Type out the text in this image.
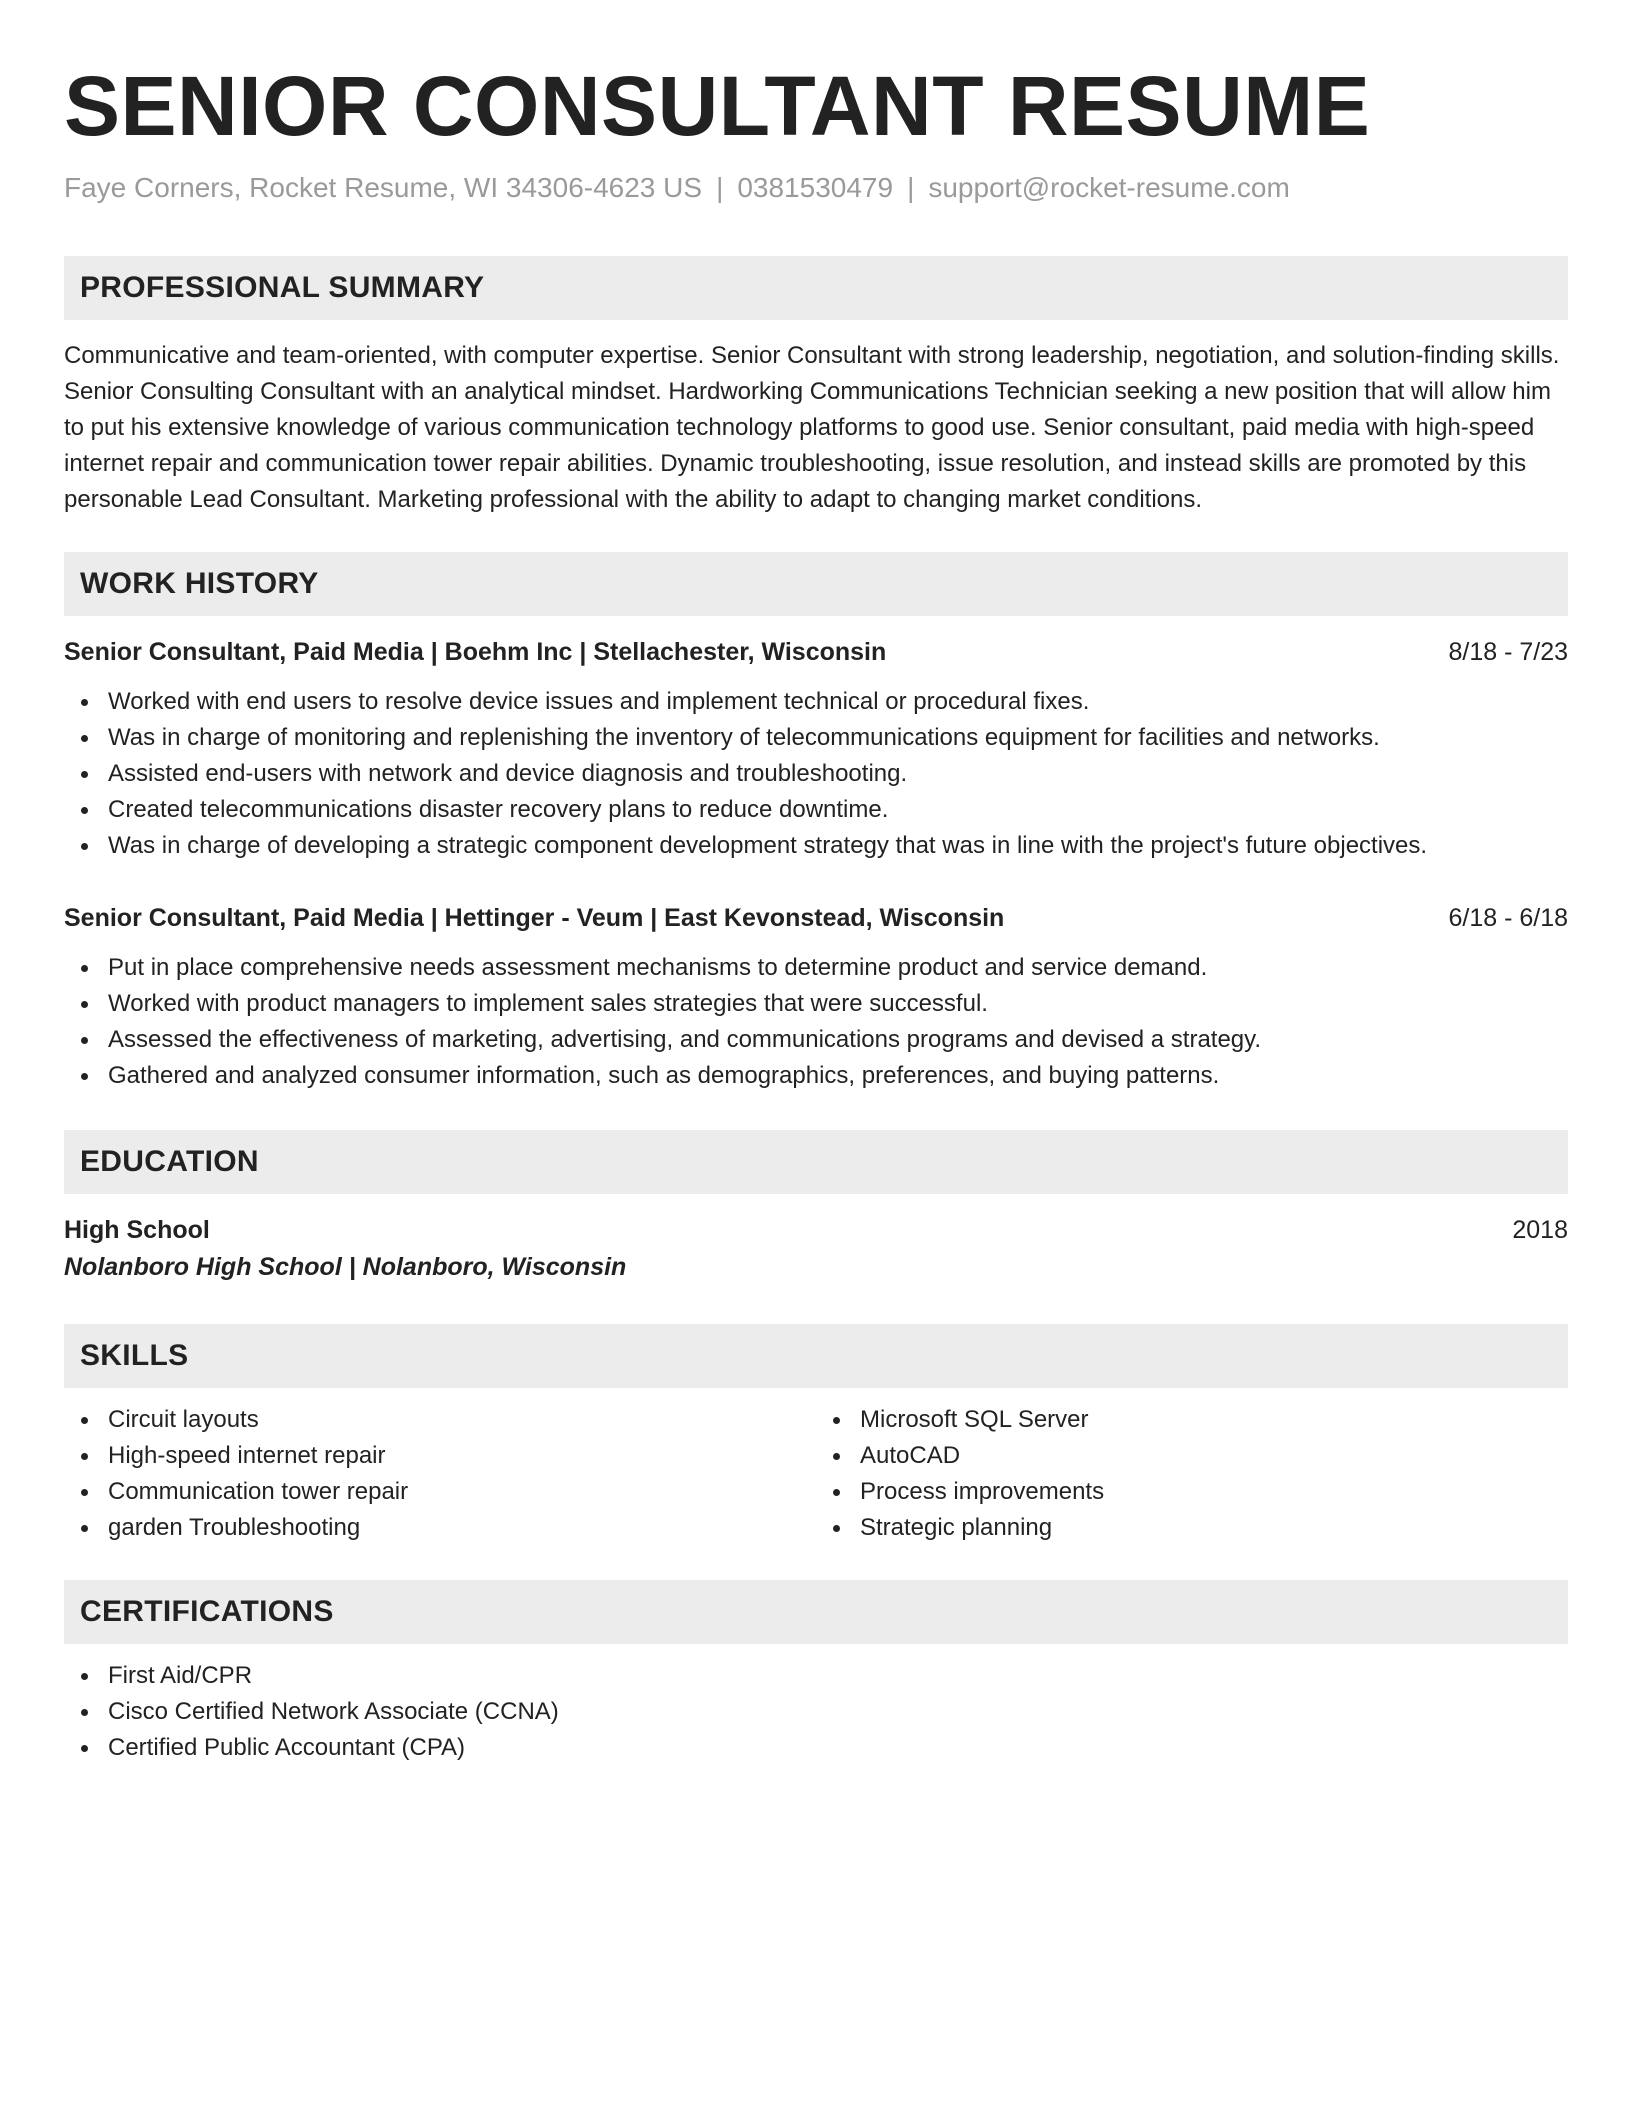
SENIOR CONSULTANT RESUME
Faye Corners, Rocket Resume, WI 34306-4623 US | 0381530479 | support@rocket-resume.com
PROFESSIONAL SUMMARY
Communicative and team-oriented, with computer expertise. Senior Consultant with strong leadership, negotiation, and solution-finding skills. Senior Consulting Consultant with an analytical mindset. Hardworking Communications Technician seeking a new position that will allow him to put his extensive knowledge of various communication technology platforms to good use. Senior consultant, paid media with high-speed internet repair and communication tower repair abilities. Dynamic troubleshooting, issue resolution, and instead skills are promoted by this personable Lead Consultant. Marketing professional with the ability to adapt to changing market conditions.
WORK HISTORY
Senior Consultant, Paid Media | Boehm Inc | Stellachester, Wisconsin	8/18 - 7/23
Worked with end users to resolve device issues and implement technical or procedural fixes.
Was in charge of monitoring and replenishing the inventory of telecommunications equipment for facilities and networks.
Assisted end-users with network and device diagnosis and troubleshooting.
Created telecommunications disaster recovery plans to reduce downtime.
Was in charge of developing a strategic component development strategy that was in line with the project's future objectives.
Senior Consultant, Paid Media | Hettinger - Veum | East Kevonstead, Wisconsin	6/18 - 6/18
Put in place comprehensive needs assessment mechanisms to determine product and service demand.
Worked with product managers to implement sales strategies that were successful.
Assessed the effectiveness of marketing, advertising, and communications programs and devised a strategy.
Gathered and analyzed consumer information, such as demographics, preferences, and buying patterns.
EDUCATION
High School	2018
Nolanboro High School | Nolanboro, Wisconsin
SKILLS
Circuit layouts
High-speed internet repair
Communication tower repair
garden Troubleshooting
Microsoft SQL Server
AutoCAD
Process improvements
Strategic planning
CERTIFICATIONS
First Aid/CPR
Cisco Certified Network Associate (CCNA)
Certified Public Accountant (CPA)
